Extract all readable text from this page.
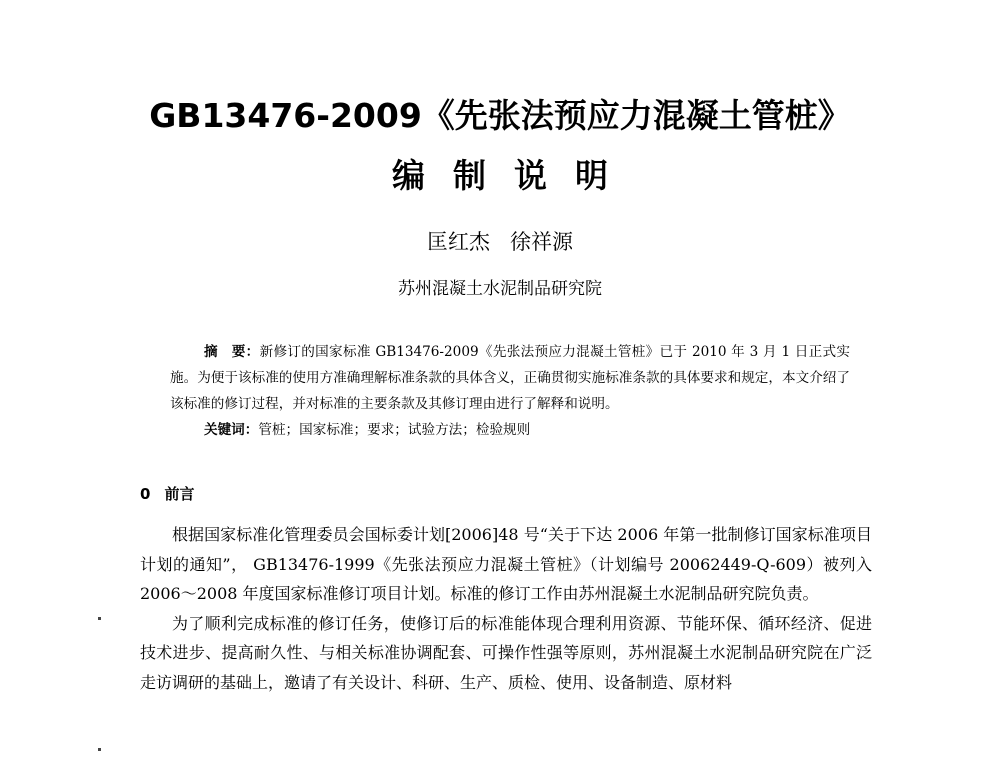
GB13476-2009《先张法预应力混凝土管桩》
编制说明
匡红杰   徐祥源
苏州混凝土水泥制品研究院
摘　要：新修订的国家标准 GB13476-2009《先张法预应力混凝土管桩》已于 2010 年 3 月 1 日正式实施。为便于该标准的使用方准确理解标准条款的具体含义，正确贯彻实施标准条款的具体要求和规定，本文介绍了该标准的修订过程，并对标准的主要条款及其修订理由进行了解释和说明。
关键词：管桩；国家标准；要求；试验方法；检验规则
0 前言

根据国家标准化管理委员会国标委计划[2006]48 号“关于下达 2006 年第一批制修订国家标准项目计划的通知”， GB13476-1999《先张法预应力混凝土管桩》（计划编号 20062449-Q-609）被列入 2006～2008 年度国家标准修订项目计划。标准的修订工作由苏州混凝土水泥制品研究院负责。

为了顺利完成标准的修订任务，使修订后的标准能体现合理利用资源、节能环保、循环经济、促进技术进步、提高耐久性、与相关标准协调配套、可操作性强等原则，苏州混凝土水泥制品研究院在广泛走访调研的基础上，邀请了有关设计、科研、生产、质检、使用、设备制造、原材料
